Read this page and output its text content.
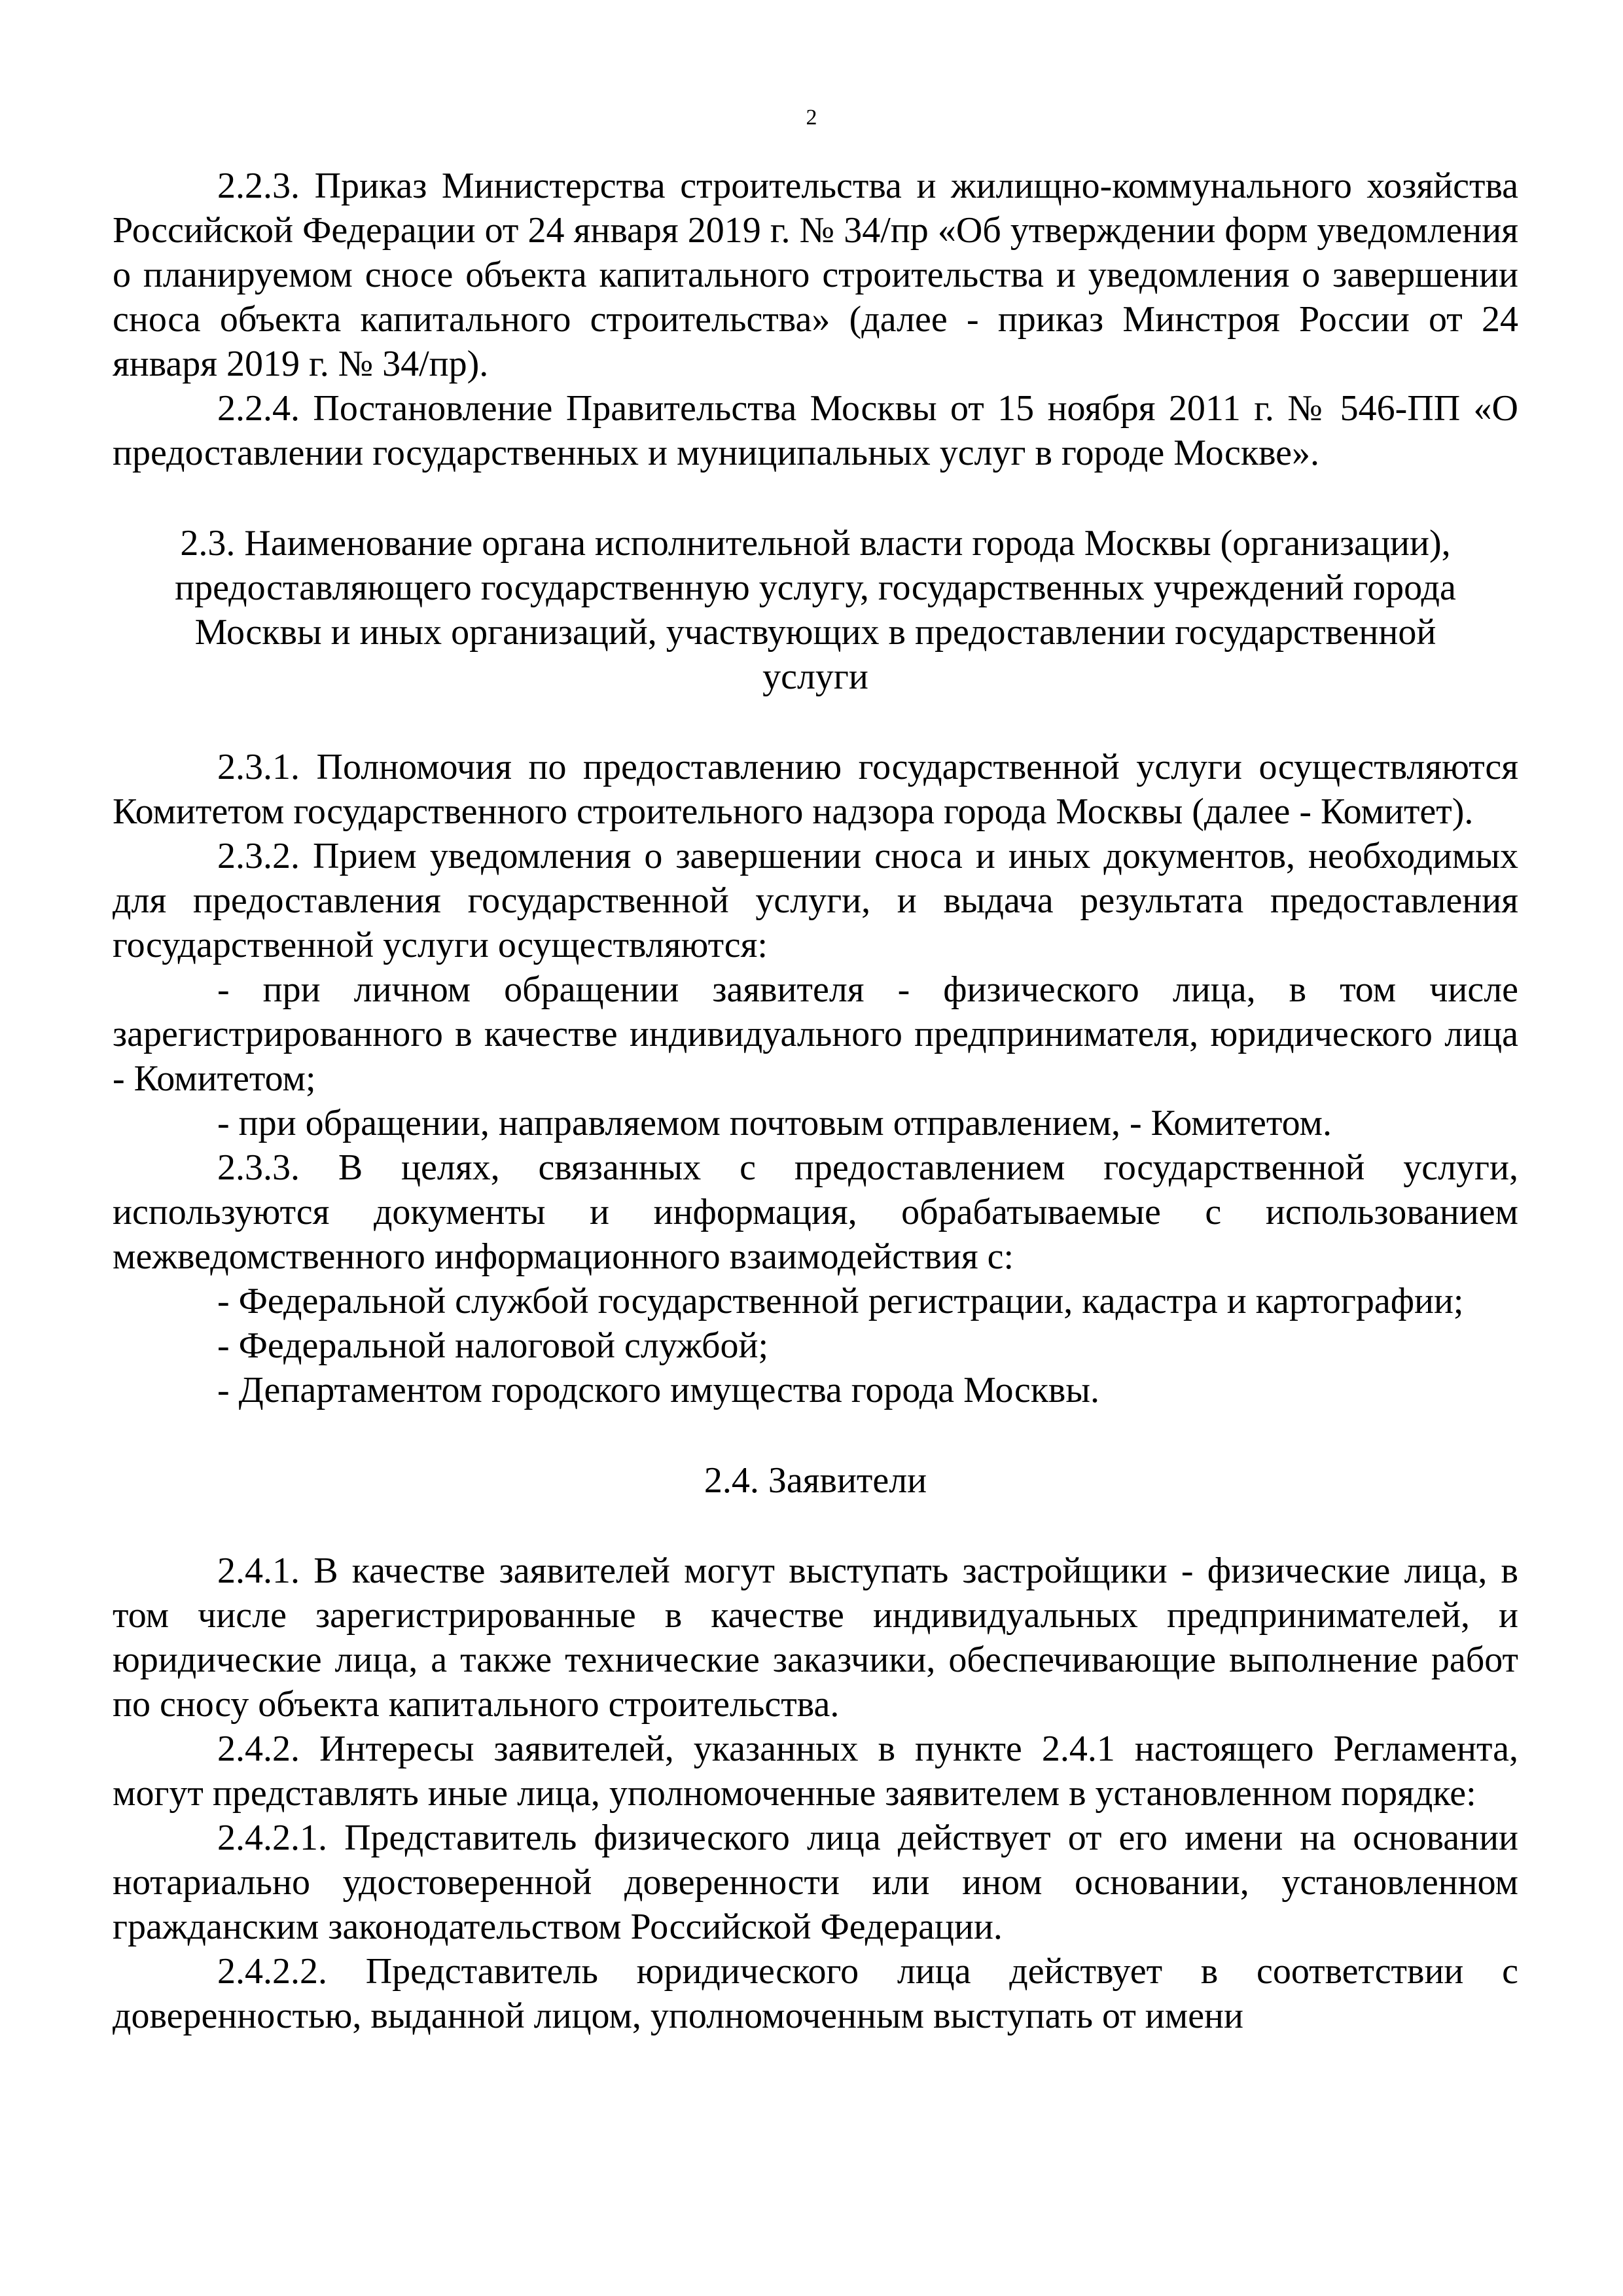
2

2.2.3. Приказ Министерства строительства и жилищно-коммунального хозяйства Российской Федерации от 24 января 2019 г. № 34/пр «Об утверждении форм уведомления о планируемом сносе объекта капитального строительства и уведомления о завершении сноса объекта капитального строительства» (далее - приказ Минстроя России от 24 января 2019 г. № 34/пр).

2.2.4. Постановление Правительства Москвы от 15 ноября 2011 г. № 546-ПП «О предоставлении государственных и муниципальных услуг в городе Москве».

2.3. Наименование органа исполнительной власти города Москвы (организации), предоставляющего государственную услугу, государственных учреждений города Москвы и иных организаций, участвующих в предоставлении государственной услуги

2.3.1. Полномочия по предоставлению государственной услуги осуществляются Комитетом государственного строительного надзора города Москвы (далее - Комитет).

2.3.2. Прием уведомления о завершении сноса и иных документов, необходимых для предоставления государственной услуги, и выдача результата предоставления государственной услуги осуществляются:

- при личном обращении заявителя - физического лица, в том числе зарегистрированного в качестве индивидуального предпринимателя, юридического лица - Комитетом;

- при обращении, направляемом почтовым отправлением, - Комитетом.

2.3.3. В целях, связанных с предоставлением государственной услуги, используются документы и информация, обрабатываемые с использованием межведомственного информационного взаимодействия с:

- Федеральной службой государственной регистрации, кадастра и картографии;

- Федеральной налоговой службой;

- Департаментом городского имущества города Москвы.

2.4. Заявители

2.4.1. В качестве заявителей могут выступать застройщики - физические лица, в том числе зарегистрированные в качестве индивидуальных предпринимателей, и юридические лица, а также технические заказчики, обеспечивающие выполнение работ по сносу объекта капитального строительства.

2.4.2. Интересы заявителей, указанных в пункте 2.4.1 настоящего Регламента, могут представлять иные лица, уполномоченные заявителем в установленном порядке:

2.4.2.1. Представитель физического лица действует от его имени на основании нотариально удостоверенной доверенности или ином основании, установленном гражданским законодательством Российской Федерации.

2.4.2.2. Представитель юридического лица действует в соответствии с доверенностью, выданной лицом, уполномоченным выступать от имени
